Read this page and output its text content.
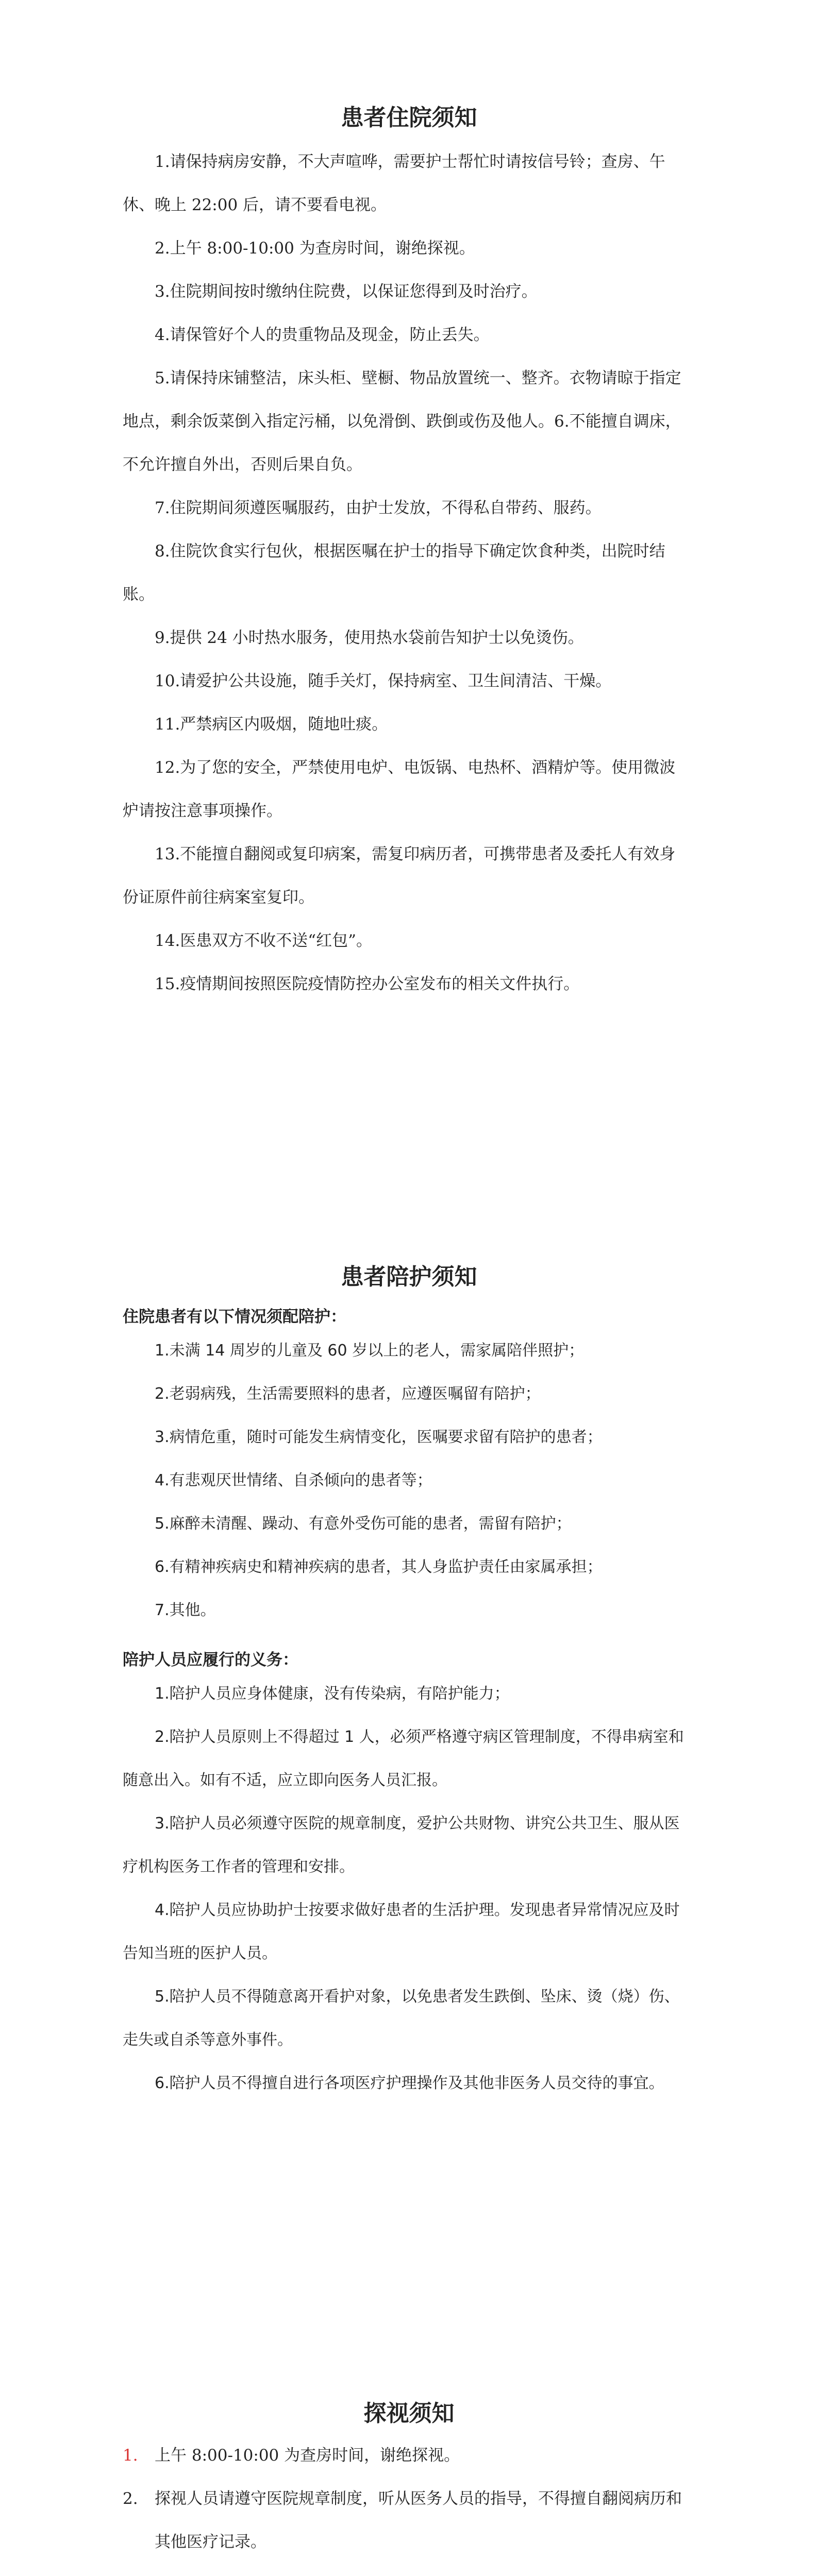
患者住院须知

1.请保持病房安静，不大声喧哗，需要护士帮忙时请按信号铃；查房、午休、晚上 22:00 后，请不要看电视。

2.上午 8:00-10:00 为查房时间，谢绝探视。

3.住院期间按时缴纳住院费，以保证您得到及时治疗。

4.请保管好个人的贵重物品及现金，防止丢失。

5.请保持床铺整洁，床头柜、壁橱、物品放置统一、整齐。衣物请晾于指定地点，剩余饭菜倒入指定污桶，以免滑倒、跌倒或伤及他人。6.不能擅自调床，不允许擅自外出，否则后果自负。

7.住院期间须遵医嘱服药，由护士发放，不得私自带药、服药。

8.住院饮食实行包伙，根据医嘱在护士的指导下确定饮食种类，出院时结账。

9.提供 24 小时热水服务，使用热水袋前告知护士以免烫伤。

10.请爱护公共设施，随手关灯，保持病室、卫生间清洁、干燥。

11.严禁病区内吸烟，随地吐痰。

12.为了您的安全，严禁使用电炉、电饭锅、电热杯、酒精炉等。使用微波炉请按注意事项操作。

13.不能擅自翻阅或复印病案，需复印病历者，可携带患者及委托人有效身份证原件前往病案室复印。

14.医患双方不收不送“红包”。

15.疫情期间按照医院疫情防控办公室发布的相关文件执行。

患者陪护须知

住院患者有以下情况须配陪护：

1.未满 14 周岁的儿童及 60 岁以上的老人，需家属陪伴照护；

2.老弱病残，生活需要照料的患者，应遵医嘱留有陪护；

3.病情危重，随时可能发生病情变化，医嘱要求留有陪护的患者；

4.有悲观厌世情绪、自杀倾向的患者等；

5.麻醉未清醒、躁动、有意外受伤可能的患者，需留有陪护；

6.有精神疾病史和精神疾病的患者，其人身监护责任由家属承担；

7.其他。

陪护人员应履行的义务：

1.陪护人员应身体健康，没有传染病，有陪护能力；

2.陪护人员原则上不得超过 1 人，必须严格遵守病区管理制度，不得串病室和随意出入。如有不适，应立即向医务人员汇报。

3.陪护人员必须遵守医院的规章制度，爱护公共财物、讲究公共卫生、服从医疗机构医务工作者的管理和安排。

4.陪护人员应协助护士按要求做好患者的生活护理。发现患者异常情况应及时告知当班的医护人员。

5.陪护人员不得随意离开看护对象，以免患者发生跌倒、坠床、烫（烧）伤、走失或自杀等意外事件。

6.陪护人员不得擅自进行各项医疗护理操作及其他非医务人员交待的事宜。

探视须知
1. 上午 8:00-10:00 为查房时间，谢绝探视。
2. 探视人员请遵守医院规章制度，听从医务人员的指导，不得擅自翻阅病历和其他医疗记录。
